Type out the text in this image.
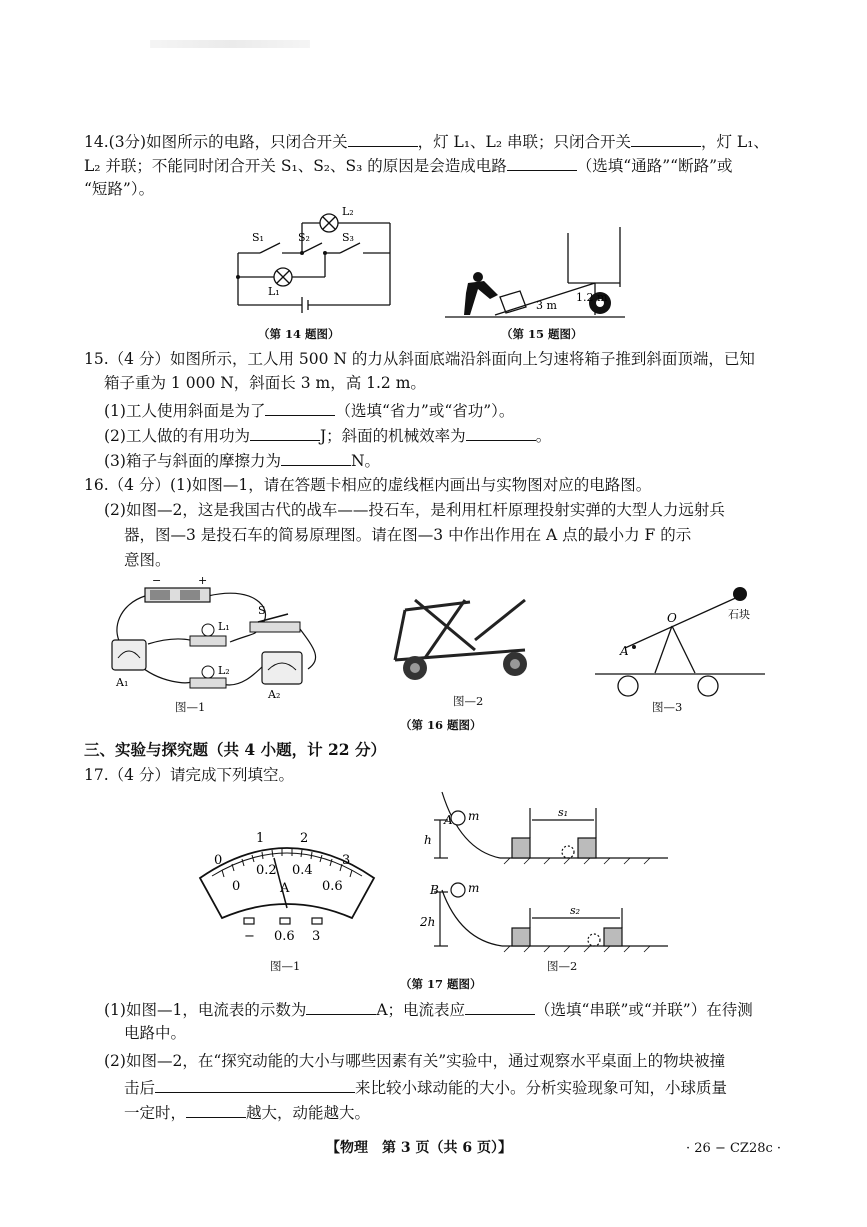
14.(3分)如图所示的电路，只闭合开关	，灯 L₁、L₂ 串联；只闭合开关	，灯 L₁、
L₂ 并联；不能同时闭合开关 S₁、S₂、S₃ 的原因是会造成电路	（选填“通路”“断路”或
“短路”）。
S₁	S₂	S₃
L₁
L₂
（第 14 题图）
3 m
1.2 m
（第 15 题图）
15.（4 分）如图所示，工人用 500 N 的力从斜面底端沿斜面向上匀速将箱子推到斜面顶端，已知
箱子重为 1 000 N，斜面长 3 m，高 1.2 m。
(1)工人使用斜面是为了	（选填“省力”或“省功”）。
(2)工人做的有用功为	J；斜面的机械效率为	。
(3)箱子与斜面的摩擦力为	N。
16.（4 分）(1)如图—1，请在答题卡相应的虚线框内画出与实物图对应的电路图。
(2)如图—2，这是我国古代的战车——投石车，是利用杠杆原理投射实弹的大型人力远射兵
器，图—3 是投石车的简易原理图。请在图—3 中作出作用在 A 点的最小力 F 的示
意图。
−	+
S
L₁
L₂
A₁
A₂
图—1	图—2
O
A
石块
图—3
（第 16 题图）
三、实验与探究题（共 4 小题，计 22 分）
17.（4 分）请完成下列填空。
0
1	2
3
0
0.2 0.4
0.6
A
− 0.6 3
图—1
A m
h
s₁
B m
2h
s₂
图—2
（第 17 题图）
(1)如图—1，电流表的示数为	A；电流表应	（选填“串联”或“并联”）在待测
电路中。
(2)如图—2，在“探究动能的大小与哪些因素有关”实验中，通过观察水平桌面上的物块被撞
击后	来比较小球动能的大小。分析实验现象可知，小球质量
一定时，	越大，动能越大。
【物理　第 3 页（共 6 页）】	· 26 − CZ28c ·
